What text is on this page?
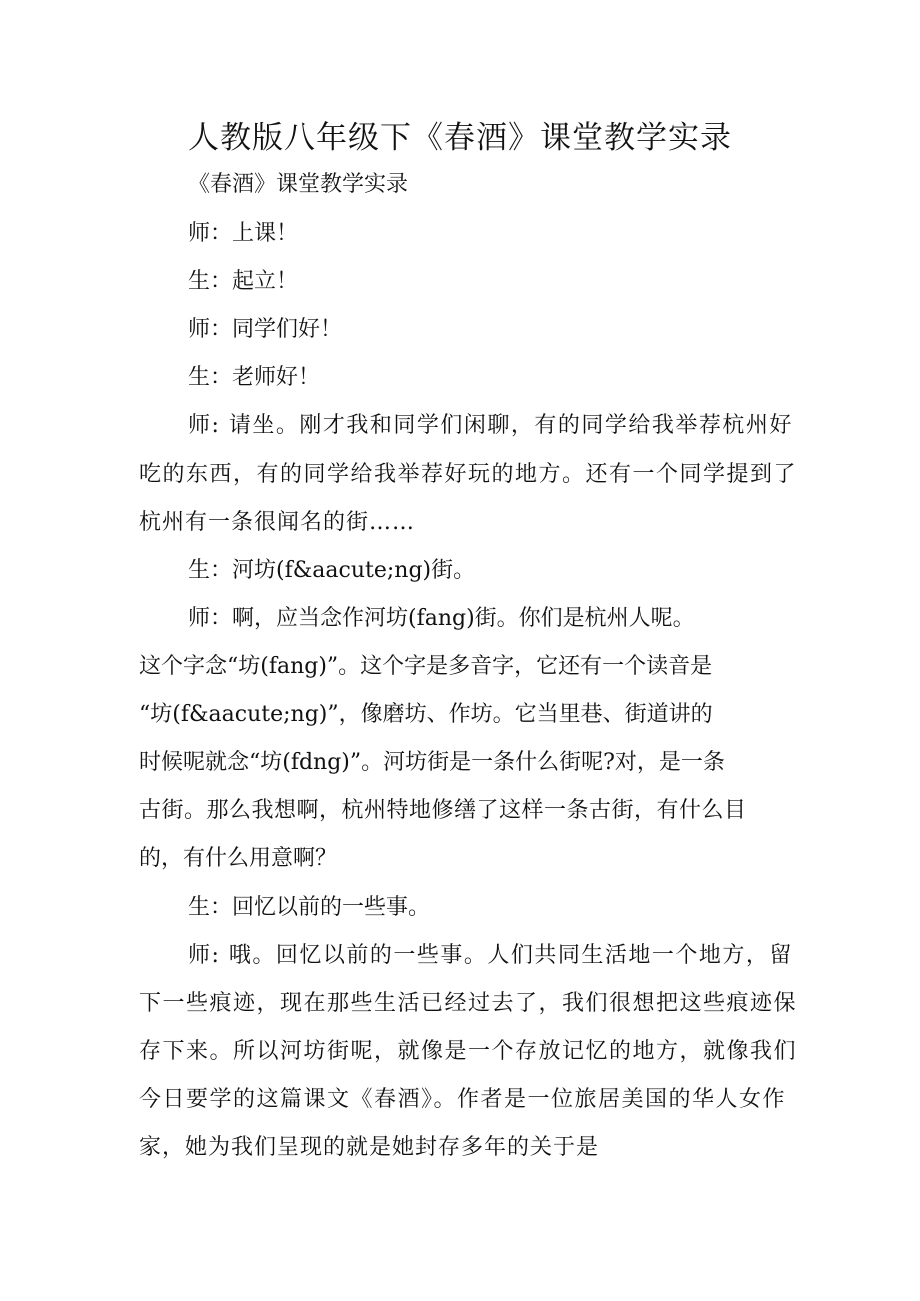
人教版八年级下《春酒》课堂教学实录
《春酒》课堂教学实录
师：上课！
生：起立！
师：同学们好！
生：老师好！
师: 请坐。刚才我和同学们闲聊，有的同学给我举荐杭州好
吃的东西，有的同学给我举荐好玩的地方。还有一个同学提到了
杭州有一条很闻名的街……
生：河坊(f&aacute;ng)街。
师：啊，应当念作河坊(fang)街。你们是杭州人呢。
这个字念“坊(fang)”。这个字是多音字，它还有一个读音是
“坊(f&aacute;ng)”，像磨坊、作坊。它当里巷、街道讲的
时候呢就念“坊(fdng)”。河坊街是一条什么街呢?对，是一条
古街。那么我想啊，杭州特地修缮了这样一条古街，有什么目
的，有什么用意啊？
生：回忆以前的一些事。
师: 哦。回忆以前的一些事。人们共同生活地一个地方，留
下一些痕迹，现在那些生活已经过去了，我们很想把这些痕迹保
存下来。所以河坊街呢，就像是一个存放记忆的地方，就像我们
今日要学的这篇课文《春酒》。作者是一位旅居美国的华人女作
家，她为我们呈现的就是她封存多年的关于是
